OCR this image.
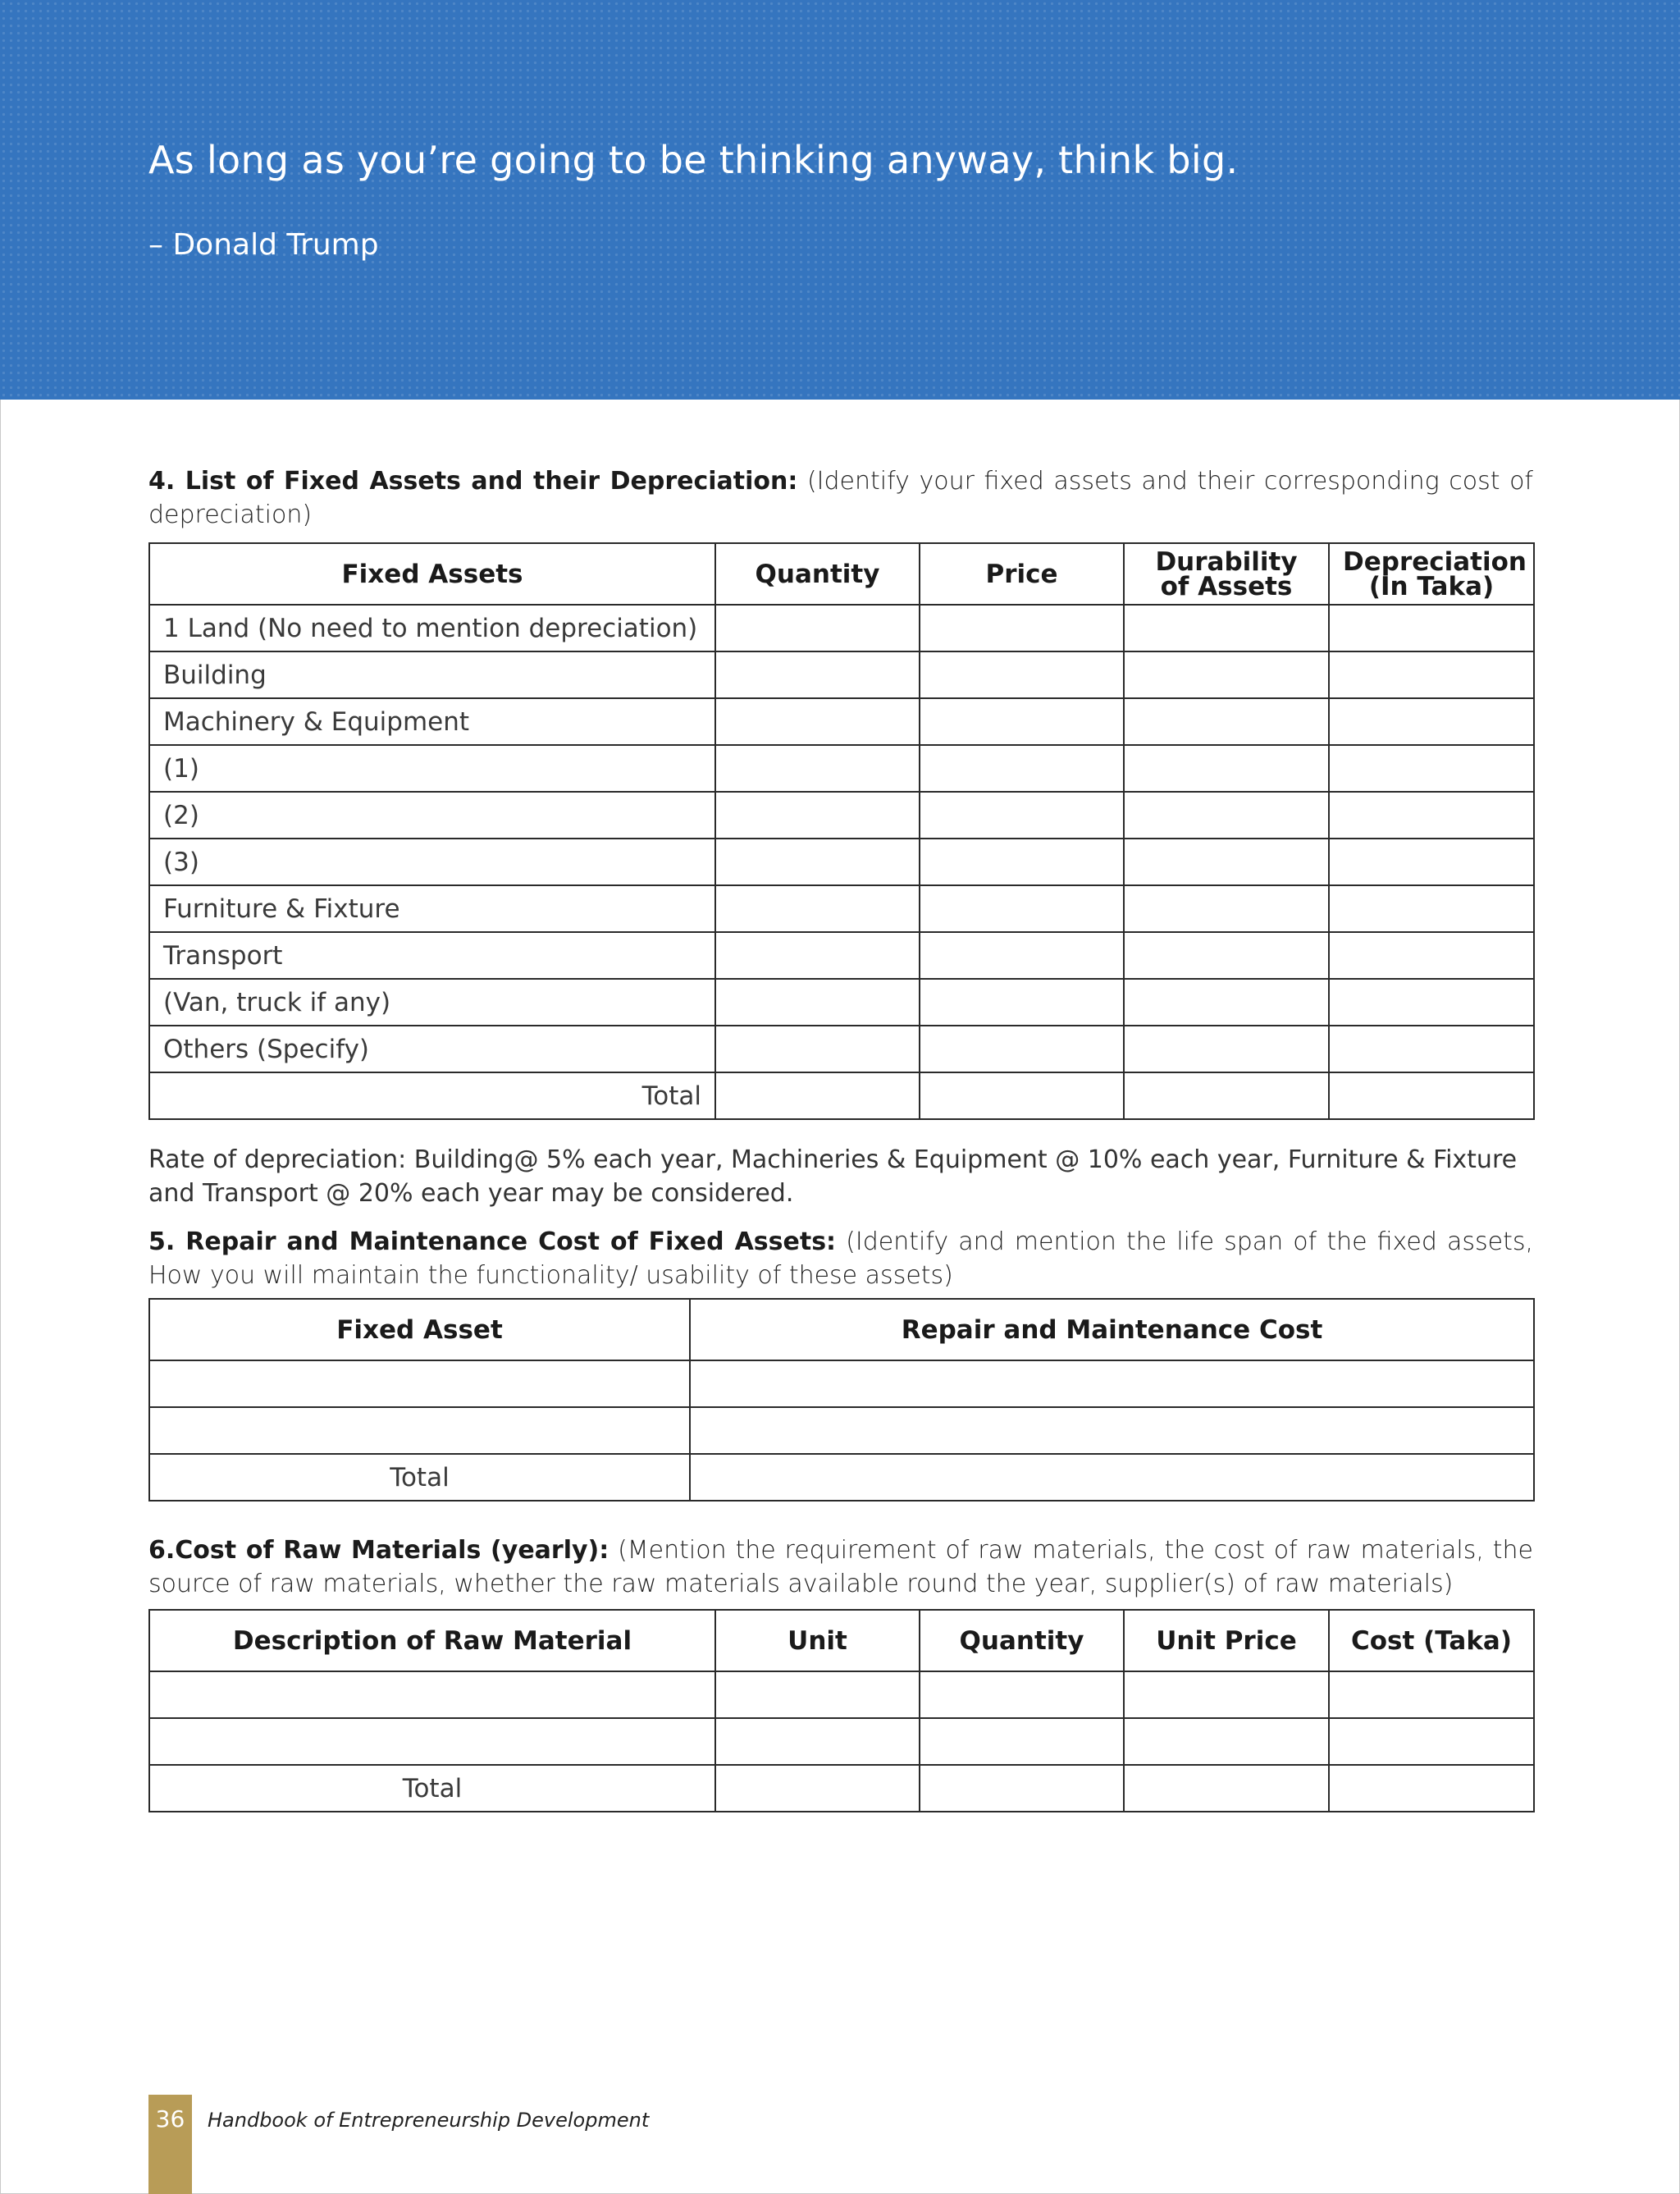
As long as you’re going to be thinking anyway, think big.

– Donald Trump

4. List of Fixed Assets and their Depreciation: (Identify your fixed assets and their corresponding cost of depreciation)

Fixed Assets	Quantity	Price	Durability of Assets	Depreciation (In Taka)
1 Land (No need to mention depreciation)				
Building				
Machinery & Equipment				
(1)				
(2)				
(3)				
Furniture & Fixture				
Transport				
(Van, truck if any)				
Others (Specify)				
Total				

Rate of depreciation: Building@ 5% each year, Machineries & Equipment @ 10% each year, Furniture & Fixture and Transport @ 20% each year may be considered.

5. Repair and Maintenance Cost of Fixed Assets: (Identify and mention the life span of the fixed assets, How you will maintain the functionality/ usability of these assets)

Fixed Asset	Repair and Maintenance Cost

Total	

6.Cost of Raw Materials (yearly): (Mention the requirement of raw materials, the cost of raw materials, the source of raw materials, whether the raw materials available round the year, supplier(s) of raw materials)

Description of Raw Material	Unit	Quantity	Unit Price	Cost (Taka)

Total				
36	Handbook of Entrepreneurship Development
